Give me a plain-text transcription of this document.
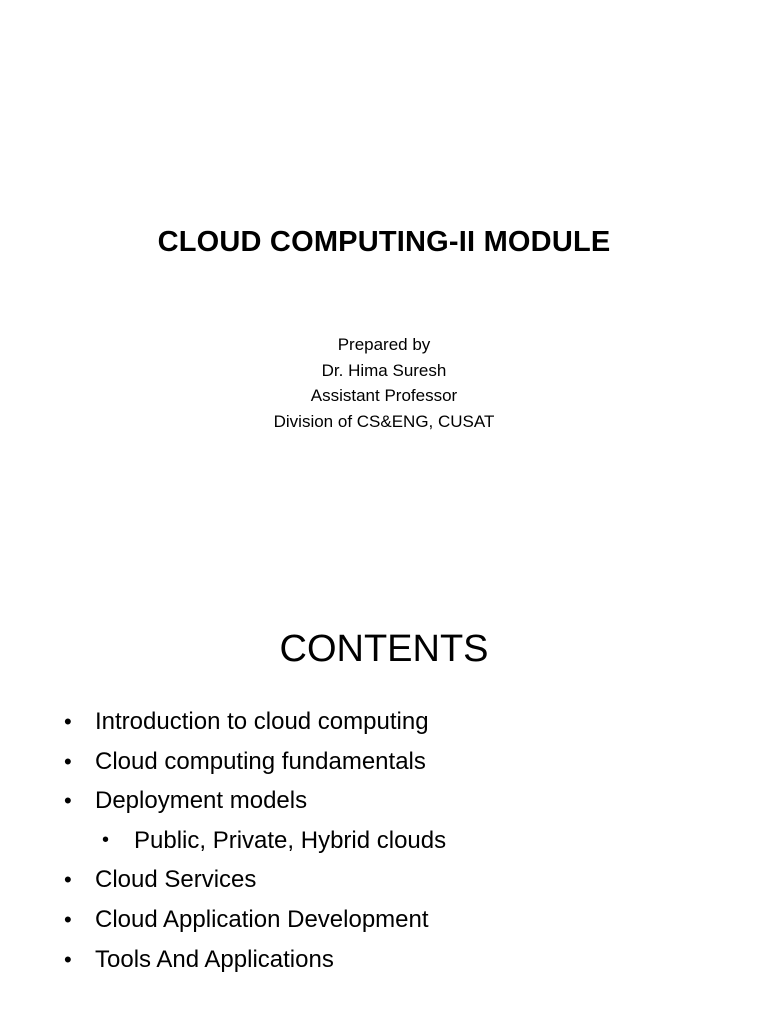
CLOUD COMPUTING-II MODULE
Prepared by
Dr. Hima Suresh
Assistant Professor
Division of CS&ENG, CUSAT
CONTENTS
• Introduction to cloud computing
• Cloud computing fundamentals
• Deployment models
• Public, Private, Hybrid clouds
• Cloud Services
• Cloud Application Development
• Tools And Applications
